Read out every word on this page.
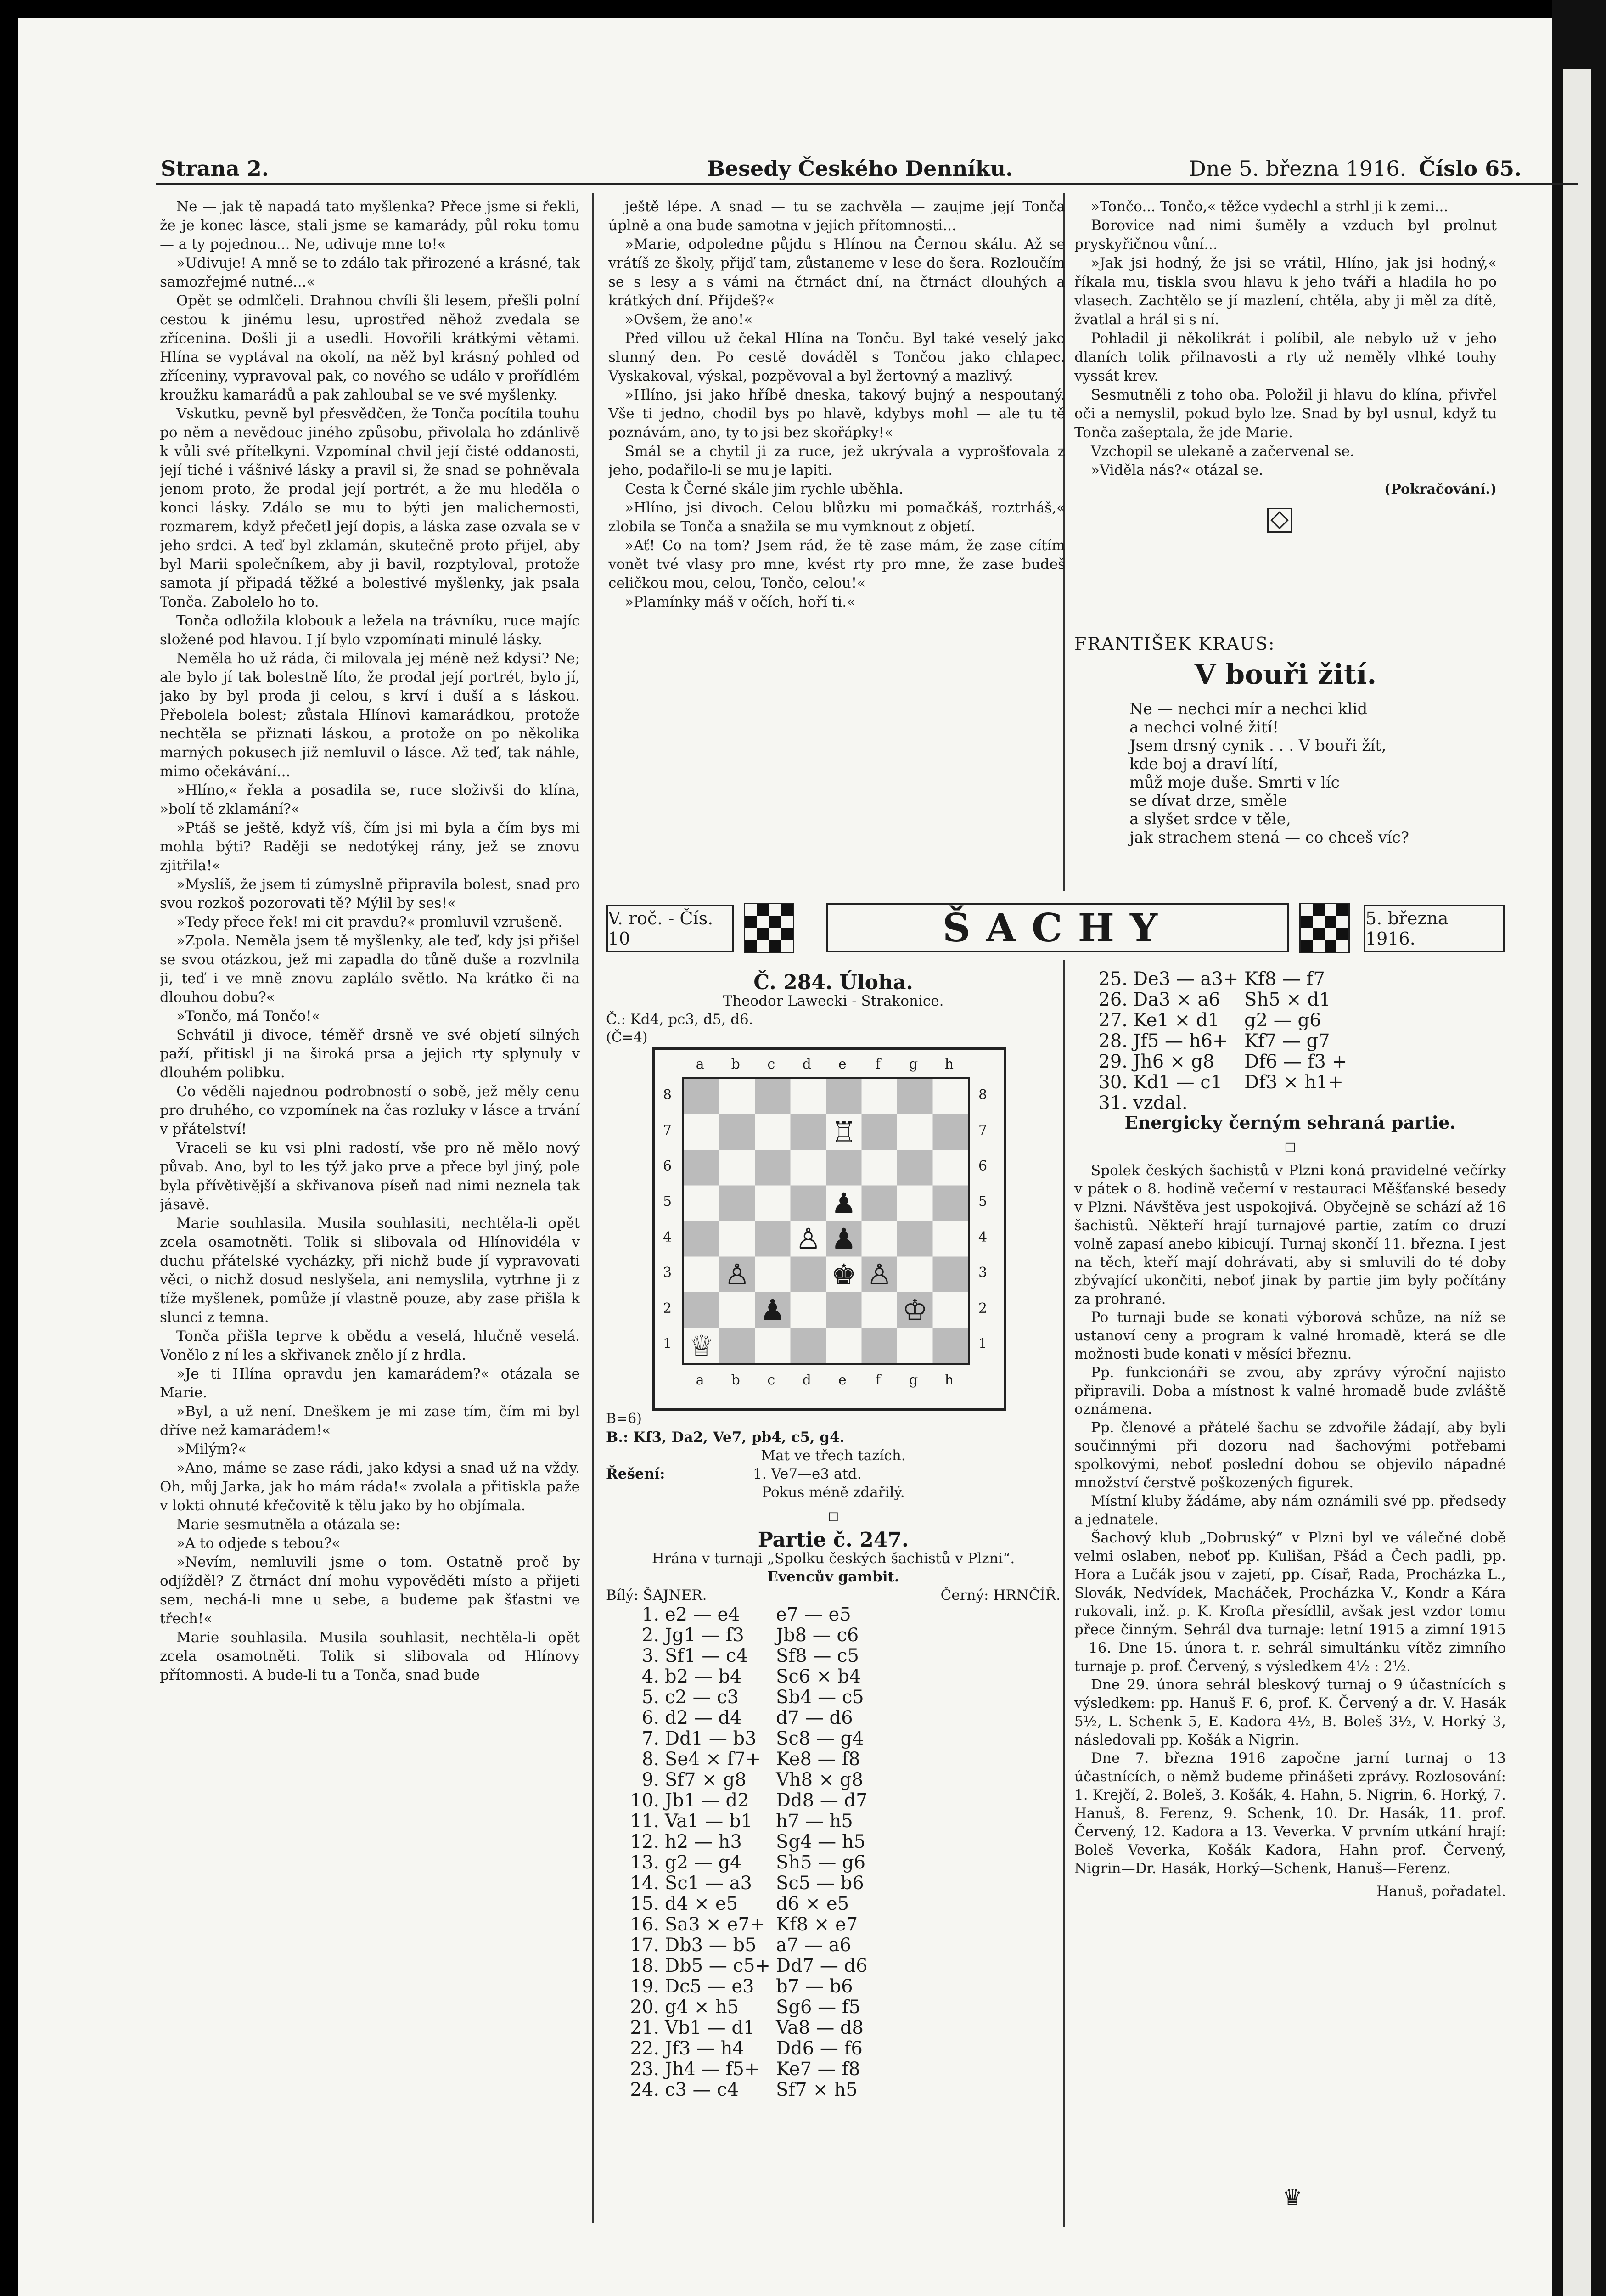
Strana 2.	Besedy Českého Denníku.	Dne 5. března 1916. Číslo 65.

Ne — jak tě napadá tato myšlenka? Přece jsme si řekli, že je konec lásce, stali jsme se kamarády, půl roku tomu — a ty pojednou... Ne, udivuje mne to!«

»Udivuje! A mně se to zdálo tak přirozené a krásné, tak samozřejmé nutné...«

Opět se odmlčeli. Drahnou chvíli šli lesem, přešli polní cestou k jinému lesu, uprostřed něhož zvedala se zřícenina. Došli ji a usedli. Hovořili krátkými větami. Hlína se vyptával na okolí, na něž byl krásný pohled od zříceniny, vypravoval pak, co nového se událo v prořídlém kroužku kamarádů a pak zahloubal se ve své myšlenky.

Vskutku, pevně byl přesvědčen, že Tonča pocítila touhu po něm a nevědouc jiného způsobu, přivolala ho zdánlivě k vůli své přítelkyni. Vzpomínal chvil její čisté oddanosti, její tiché i vášnivé lásky a pravil si, že snad se pohněvala jenom proto, že prodal její portrét, a že mu hleděla o konci lásky. Zdálo se mu to býti jen malichernosti, rozmarem, když přečetl její dopis, a láska zase ozvala se v jeho srdci. A teď byl zklamán, skutečně proto přijel, aby byl Marii společníkem, aby ji bavil, rozptyloval, protože samota jí připadá těžké a bolestivé myšlenky, jak psala Tonča. Zabolelo ho to.

Tonča odložila klobouk a ležela na trávníku, ruce majíc složené pod hlavou. I jí bylo vzpomínati minulé lásky.

Neměla ho už ráda, či milovala jej méně než kdysi? Ne; ale bylo jí tak bolestně líto, že prodal její portrét, bylo jí, jako by byl proda ji celou, s krví i duší a s láskou. Přebolela bolest; zůstala Hlínovi kamarádkou, protože nechtěla se přiznati láskou, a protože on po několika marných pokusech již nemluvil o lásce. Až teď, tak náhle, mimo očekávání...

»Hlíno,« řekla a posadila se, ruce složivši do klína, »bolí tě zklamání?«

»Ptáš se ještě, když víš, čím jsi mi byla a čím bys mi mohla býti? Raději se nedotýkej rány, jež se znovu zjitřila!«

»Myslíš, že jsem ti zúmyslně připravila bolest, snad pro svou rozkoš pozorovati tě? Mýlil by ses!«

»Tedy přece řek! mi cit pravdu?« promluvil vzrušeně.

»Zpola. Neměla jsem tě myšlenky, ale teď, kdy jsi přišel se svou otázkou, jež mi zapadla do tůně duše a rozvlnila ji, teď i ve mně znovu zaplálo světlo. Na krátko či na dlouhou dobu?«

»Tončo, má Tončo!«

Schvátil ji divoce, téměř drsně ve své objetí silných paží, přitiskl ji na široká prsa a jejich rty splynuly v dlouhém polibku.

Co věděli najednou podrobností o sobě, jež měly cenu pro druhého, co vzpomínek na čas rozluky v lásce a trvání v přátelství!

Vraceli se ku vsi plni radostí, vše pro ně mělo nový půvab. Ano, byl to les týž jako prve a přece byl jiný, pole byla přívětivější a skřivanova píseň nad nimi neznela tak jásavě.

Marie souhlasila. Musila souhlasiti, nechtěla-li opět zcela osamotněti. Tolik si slibovala od Hlínovidéla v duchu přátelské vycházky, při nichž bude jí vypravovati věci, o nichž dosud neslyšela, ani nemyslila, vytrhne ji z tíže myšlenek, pomůže jí vlastně pouze, aby zase přišla k slunci z temna.

Tonča přišla teprve k obědu a veselá, hlučně veselá. Vonělo z ní les a skřivanek znělo jí z hrdla.

»Je ti Hlína opravdu jen kamarádem?« otázala se Marie.

»Byl, a už není. Dneškem je mi zase tím, čím mi byl dříve než kamarádem!«

»Milým?«

»Ano, máme se zase rádi, jako kdysi a snad už na vždy. Oh, můj Jarka, jak ho mám ráda!« zvolala a přitiskla paže v lokti ohnuté křečovitě k tělu jako by ho objímala.

Marie sesmutněla a otázala se:

»A to odjede s tebou?«

»Nevím, nemluvili jsme o tom. Ostatně proč by odjížděl? Z čtrnáct dní mohu vypověděti místo a přijeti sem, nechá-li mne u sebe, a budeme pak šťastni ve třech!«

Marie souhlasila. Musila souhlasit, nechtěla-li opět zcela osamotněti. Tolik si slibovala od Hlínovy přítomnosti. A bude-li tu a Tonča, snad bude

ještě lépe. A snad — tu se zachvěla — zaujme její Tonča úplně a ona bude samotna v jejich přítomnosti...

»Marie, odpoledne půjdu s Hlínou na Černou skálu. Až se vrátíš ze školy, přijď tam, zůstaneme v lese do šera. Rozloučím se s lesy a s vámi na čtrnáct dní, na čtrnáct dlouhých a krátkých dní. Přijdeš?«

»Ovšem, že ano!«

Před villou už čekal Hlína na Tonču. Byl také veselý jako slunný den. Po cestě dováděl s Tončou jako chlapec. Vyskakoval, výskal, pozpěvoval a byl žertovný a mazlivý.

»Hlíno, jsi jako hříbě dneska, takový bujný a nespoutaný. Vše ti jedno, chodil bys po hlavě, kdybys mohl — ale tu tě poznávám, ano, ty to jsi bez skořápky!«

Smál se a chytil ji za ruce, jež ukrývala a vyprošťovala z jeho, podařilo-li se mu je lapiti.

Cesta k Černé skále jim rychle uběhla.

»Hlíno, jsi divoch. Celou blůzku mi pomačkáš, roztrháš,« zlobila se Tonča a snažila se mu vymknout z objetí.

»Ať! Co na tom? Jsem rád, že tě zase mám, že zase cítím vonět tvé vlasy pro mne, kvést rty pro mne, že zase budeš celičkou mou, celou, Tončo, celou!«

»Plamínky máš v očích, hoří ti.«

»Tončo... Tončo,« těžce vydechl a strhl ji k zemi...

Borovice nad nimi šuměly a vzduch byl prolnut pryskyřičnou vůní...

»Jak jsi hodný, že jsi se vrátil, Hlíno, jak jsi hodný,« říkala mu, tiskla svou hlavu k jeho tváři a hladila ho po vlasech. Zachtělo se jí mazlení, chtěla, aby ji měl za dítě, žvatlal a hrál si s ní.

Pohladil ji několikrát i políbil, ale nebylo už v jeho dlaních tolik přilnavosti a rty už neměly vlhké touhy vyssát krev.

Sesmutněli z toho oba. Položil ji hlavu do klína, přivřel oči a nemyslil, pokud bylo lze. Snad by byl usnul, když tu Tonča zašeptala, že jde Marie.

Vzchopil se ulekaně a začervenal se.

»Viděla nás?« otázal se.

(Pokračování.)
FRANTIŠEK KRAUS:
V bouři žití.
Ne — nechci mír a nechci klid
a nechci volné žití!
Jsem drsný cynik . . . V bouři žít,
kde boj a draví lítí,
můž moje duše. Smrti v líc
se dívat drze, směle
a slyšet srdce v těle,
jak strachem stená — co chceš víc?
V. roč. - Čís. 10	ŠACHY	5. března 1916.
Č. 284. Úloha.
Theodor Lawecki - Strakonice.
Č.: Kd4, pc3, d5, d6.
(Č=4)
a	b	c	d	e	f	g	h
a	b	c	d	e	f	g	h
8
7
6
5
4
3
2
1
8
7
6
5
4
3
2
1
♖
♟
♙ ♟
♚ ♙
♟	♔
♕
♙
B=6)
B.: Kf3, Da2, Ve7, pb4, c5, g4.
Mat ve třech tazích.
Řešení:	1. Ve7—e3 atd.
Pokus méně zdařilý.
◻
Partie č. 247.
Hrána v turnaji „Spolku českých šachistů v Plzni“.
Evencův gambit.
Bílý: ŠAJNER.	Černý: HRNČÍŘ.
1.	e2 — e4	e7 — e5
2.	Jg1 — f3	Jb8 — c6
3.	Sf1 — c4	Sf8 — c5
4.	b2 — b4	Sc6 × b4
5.	c2 — c3	Sb4 — c5
6.	d2 — d4	d7 — d6
7.	Dd1 — b3	Sc8 — g4
8.	Se4 × f7+	Ke8 — f8
9.	Sf7 × g8	Vh8 × g8
10.	Jb1 — d2	Dd8 — d7
11.	Va1 — b1	h7 — h5
12.	h2 — h3	Sg4 — h5
13.	g2 — g4	Sh5 — g6
14.	Sc1 — a3	Sc5 — b6
15.	d4 × e5	d6 × e5
16.	Sa3 × e7+	Kf8 × e7
17.	Db3 — b5	a7 — a6
18.	Db5 — c5+	Dd7 — d6
19.	Dc5 — e3	b7 — b6
20.	g4 × h5	Sg6 — f5
21.	Vb1 — d1	Va8 — d8
22.	Jf3 — h4	Dd6 — f6
23.	Jh4 — f5+	Ke7 — f8
24.	c3 — c4	Sf7 × h5
25.	De3 — a3+	Kf8 — f7
26.	Da3 × a6	Sh5 × d1
27.	Ke1 × d1	g2 — g6
28.	Jf5 — h6+	Kf7 — g7
29.	Jh6 × g8	Df6 — f3 +
30.	Kd1 — c1	Df3 × h1+
31.	vzdal.	
Energicky černým sehraná partie.
◻

Spolek českých šachistů v Plzni koná pravidelné večírky v pátek o 8. hodině večerní v restauraci Měšťanské besedy v Plzni. Návštěva jest uspokojivá. Obyčejně se schází až 16 šachistů. Někteří hrají turnajové partie, zatím co druzí volně zapasí anebo kibicují. Turnaj skončí 11. března. I jest na těch, kteří mají dohrávati, aby si smluvili do té doby zbývající ukončiti, neboť jinak by partie jim byly počítány za prohrané.

Po turnaji bude se konati výborová schůze, na níž se ustanoví ceny a program k valné hromadě, která se dle možnosti bude konati v měsíci březnu.

Pp. funkcionáři se zvou, aby zprávy výroční najisto připravili. Doba a místnost k valné hromadě bude zvláště oznámena.

Pp. členové a přátelé šachu se zdvořile žádají, aby byli součinnými při dozoru nad šachovými potřebami spolkovými, neboť poslední dobou se objevilo nápadné množství čerstvě poškozených figurek.

Místní kluby žádáme, aby nám oznámili své pp. předsedy a jednatele.

Šachový klub „Dobruský“ v Plzni byl ve válečné době velmi oslaben, neboť pp. Kulišan, Pšád a Čech padli, pp. Hora a Lučák jsou v zajetí, pp. Císař, Rada, Procházka L., Slovák, Nedvídek, Macháček, Procházka V., Kondr a Kára rukovali, inž. p. K. Krofta přesídlil, avšak jest vzdor tomu přece činným. Sehrál dva turnaje: letní 1915 a zimní 1915—16. Dne 15. února t. r. sehrál simultánku vítěz zimního turnaje p. prof. Červený, s výsledkem 4½ : 2½.

Dne 29. února sehrál bleskový turnaj o 9 účastnících s výsledkem: pp. Hanuš F. 6, prof. K. Červený a dr. V. Hasák 5½, L. Schenk 5, E. Kadora 4½, B. Boleš 3½, V. Horký 3, následovali pp. Košák a Nigrin.

Dne 7. března 1916 započne jarní turnaj o 13 účastnících, o němž budeme přinášeti zprávy. Rozlosování: 1. Krejčí, 2. Boleš, 3. Košák, 4. Hahn, 5. Nigrin, 6. Horký, 7. Hanuš, 8. Ferenz, 9. Schenk, 10. Dr. Hasák, 11. prof. Červený, 12. Kadora a 13. Veverka. V prvním utkání hrají: Boleš—Veverka, Košák—Kadora, Hahn—prof. Červený, Nigrin—Dr. Hasák, Horký—Schenk, Hanuš—Ferenz.

Hanuš, pořadatel.
♛
